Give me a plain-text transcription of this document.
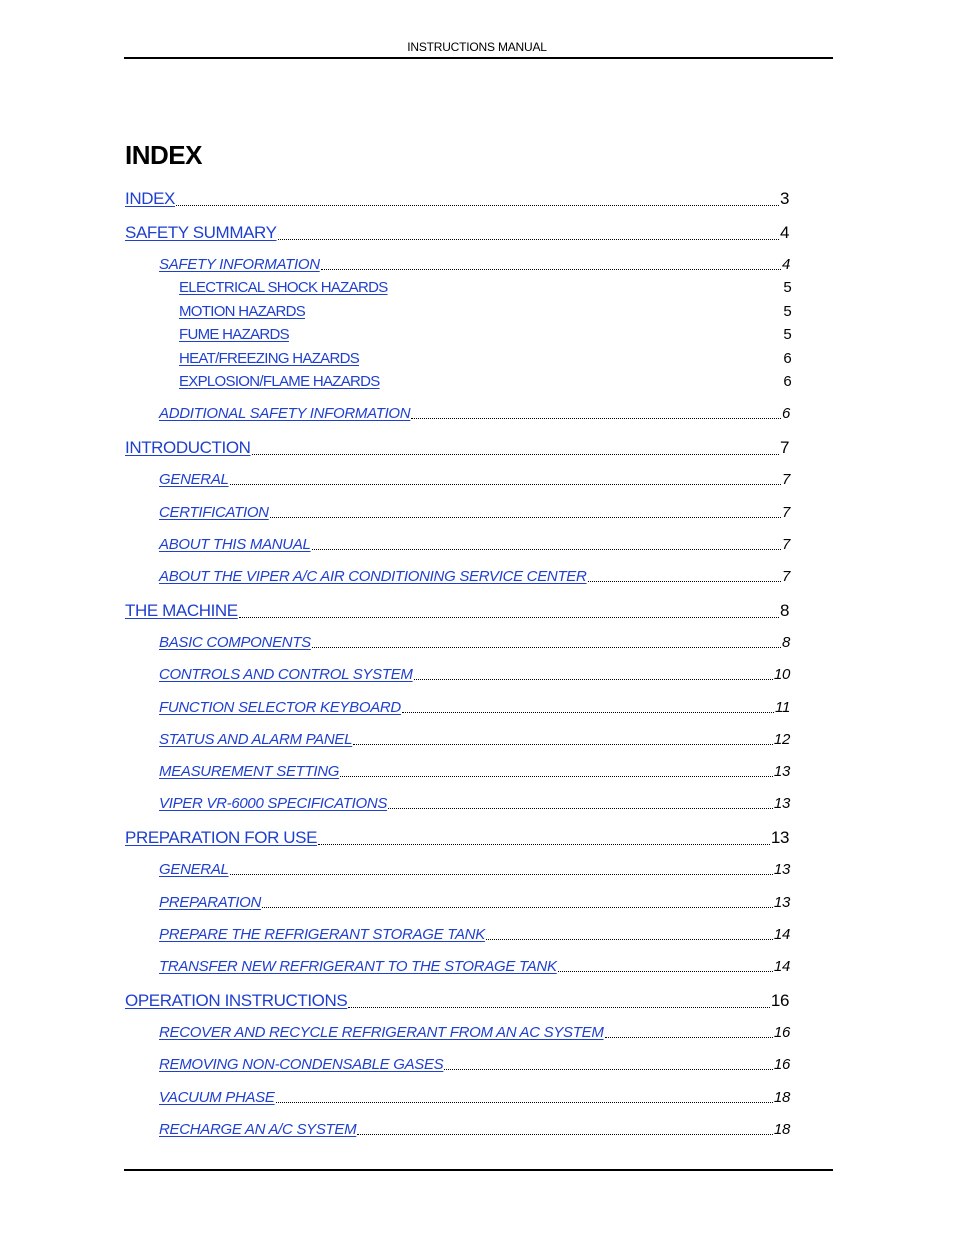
INSTRUCTIONS MANUAL
INDEX
INDEX	3
SAFETY SUMMARY	4
SAFETY INFORMATION	4
ELECTRICAL SHOCK HAZARDS	5
MOTION HAZARDS	5
FUME HAZARDS	5
HEAT/FREEZING HAZARDS	6
EXPLOSION/FLAME HAZARDS	6
ADDITIONAL SAFETY INFORMATION	6
INTRODUCTION	7
GENERAL	7
CERTIFICATION	7
ABOUT THIS MANUAL	7
ABOUT THE VIPER A/C AIR CONDITIONING SERVICE CENTER	7
THE MACHINE	8
BASIC COMPONENTS	8
CONTROLS AND CONTROL SYSTEM	10
FUNCTION SELECTOR KEYBOARD	11
STATUS AND ALARM PANEL	12
MEASUREMENT SETTING	13
VIPER VR-6000 SPECIFICATIONS	13
PREPARATION FOR USE	13
GENERAL	13
PREPARATION	13
PREPARE THE REFRIGERANT STORAGE TANK	14
TRANSFER NEW REFRIGERANT TO THE STORAGE TANK	14
OPERATION INSTRUCTIONS	16
RECOVER AND RECYCLE REFRIGERANT FROM AN AC SYSTEM	16
REMOVING NON-CONDENSABLE GASES	16
VACUUM PHASE	18
RECHARGE AN A/C SYSTEM	18
